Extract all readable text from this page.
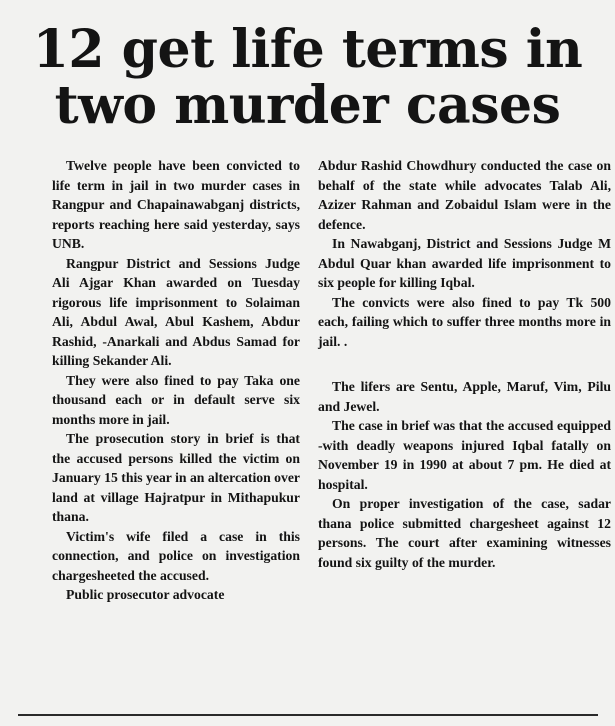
12 get life terms in
two murder cases

Twelve people have been convicted to life term in jail in two murder cases in Rangpur and Chapainawabganj districts, reports reaching here said yesterday, says UNB.

Rangpur District and Sessions Judge Ali Ajgar Khan awarded on Tuesday rigorous life imprisonment to Solaiman Ali, Abdul Awal, Abul Kashem, Abdur Rashid, -Anarkali and Abdus Samad for killing Sekander Ali.

They were also fined to pay Taka one thousand each or in default serve six months more in jail.

The prosecution story in brief is that the accused persons killed the victim on January 15 this year in an altercation over land at village Hajratpur in Mithapukur thana.

Victim's wife filed a case in this connection, and police on investigation chargesheeted the accused.

Public prosecutor advocate

Abdur Rashid Chowdhury conducted the case on behalf of the state while advocates Talab Ali, Azizer Rahman and Zobaidul Islam were in the defence.

In Nawabganj, District and Sessions Judge M Abdul Quar khan awarded life imprisonment to six people for killing Iqbal.

The convicts were also fined to pay Tk 500 each, failing which to suffer three months more in jail. .

The lifers are Sentu, Apple, Maruf, Vim, Pilu and Jewel.

The case in brief was that the accused equipped -with deadly weapons injured Iqbal fatally on November 19 in 1990 at about 7 pm. He died at hospital.

On proper investigation of the case, sadar thana police submitted chargesheet against 12 persons. The court after examining witnesses found six guilty of the murder.
